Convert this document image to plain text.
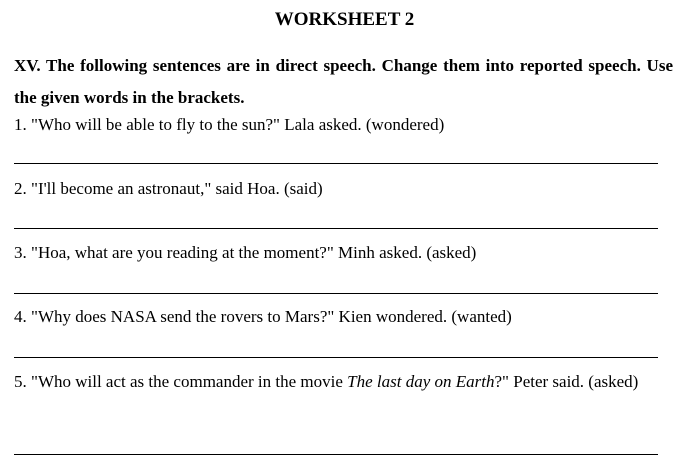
WORKSHEET 2
XV. The following sentences are in direct speech. Change them into reported speech. Use the given words in the brackets.
1. "Who will be able to fly to the sun?" Lala asked. (wondered)
2. "I'll become an astronaut," said Hoa. (said)
3. "Hoa, what are you reading at the moment?" Minh asked. (asked)
4. "Why does NASA send the rovers to Mars?" Kien wondered. (wanted)
5. "Who will act as the commander in the movie The last day on Earth?" Peter said. (asked)
